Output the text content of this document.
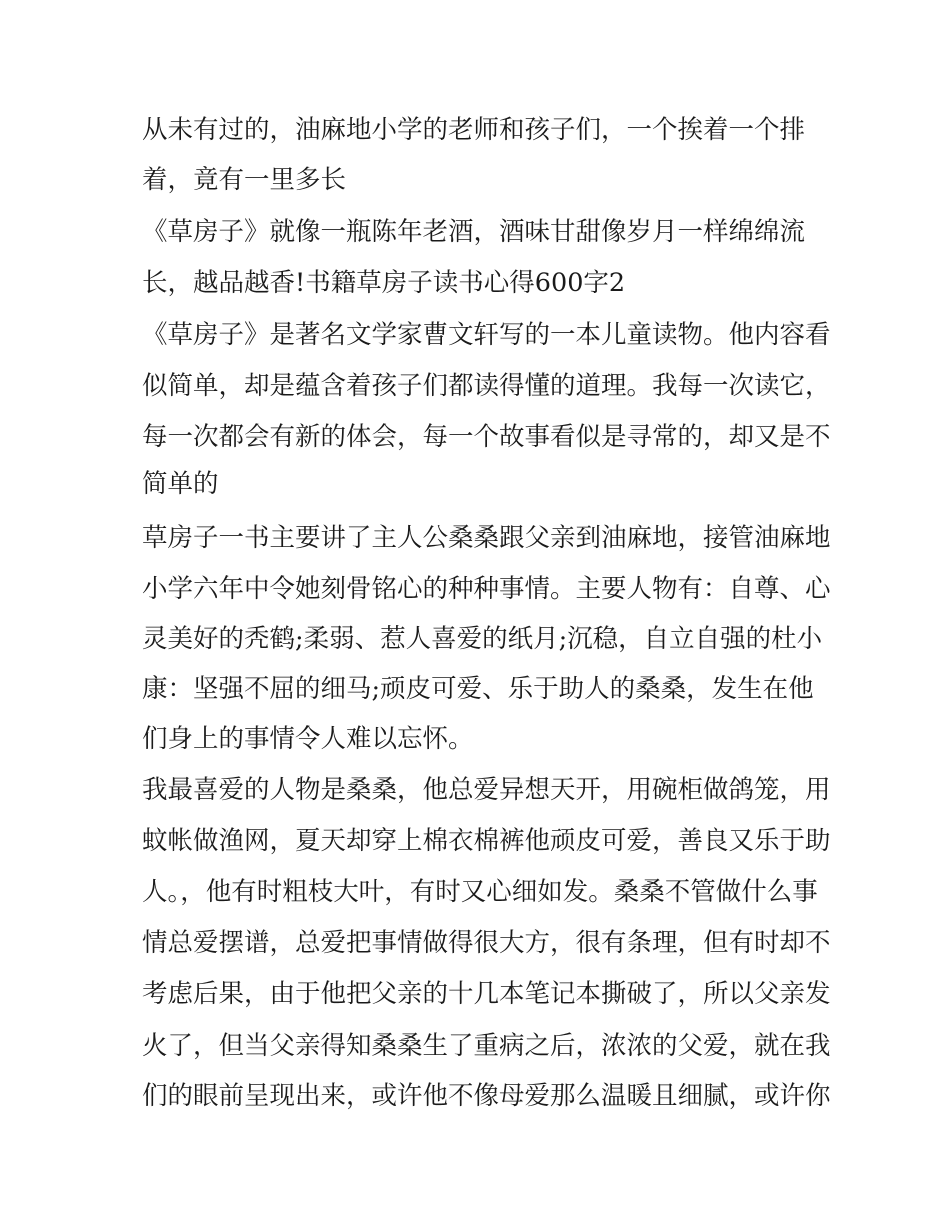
从未有过的，油麻地小学的老师和孩子们，一个挨着一个排

着，竟有一里多长

《草房子》就像一瓶陈年老酒，酒味甘甜像岁月一样绵绵流

长，越品越香!书籍草房子读书心得600字2

《草房子》是著名文学家曹文轩写的一本儿童读物。他内容看

似简单，却是蕴含着孩子们都读得懂的道理。我每一次读它，

每一次都会有新的体会，每一个故事看似是寻常的，却又是不

简单的

草房子一书主要讲了主人公桑桑跟父亲到油麻地，接管油麻地

小学六年中令她刻骨铭心的种种事情。主要人物有：自尊、心

灵美好的秃鹤;柔弱、惹人喜爱的纸月;沉稳，自立自强的杜小

康：坚强不屈的细马;顽皮可爱、乐于助人的桑桑，发生在他

们身上的事情令人难以忘怀。

我最喜爱的人物是桑桑，他总爱异想天开，用碗柜做鸽笼，用

蚊帐做渔网，夏天却穿上棉衣棉裤他顽皮可爱，善良又乐于助

人。，他有时粗枝大叶，有时又心细如发。桑桑不管做什么事

情总爱摆谱，总爱把事情做得很大方，很有条理，但有时却不

考虑后果，由于他把父亲的十几本笔记本撕破了，所以父亲发

火了，但当父亲得知桑桑生了重病之后，浓浓的父爱，就在我

们的眼前呈现出来，或许他不像母爱那么温暖且细腻，或许你
